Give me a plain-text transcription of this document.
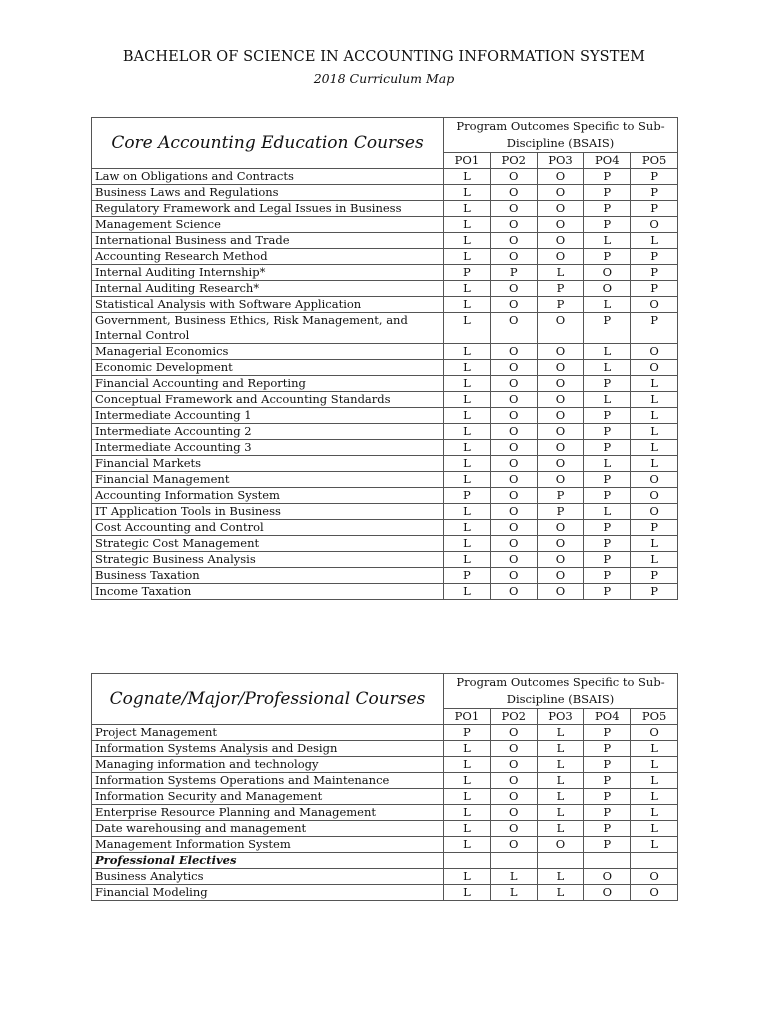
BACHELOR OF SCIENCE IN ACCOUNTING INFORMATION SYSTEM
2018 Curriculum Map
Core Accounting Education Courses	Program Outcomes Specific to Sub-Discipline (BSAIS)				
	PO1	PO2	PO3	PO4	PO5
Law on Obligations and Contracts	L	O	O	P	P
Business Laws and Regulations	L	O	O	P	P
Regulatory Framework and Legal Issues in Business	L	O	O	P	P
Management Science	L	O	O	P	O
International Business and Trade	L	O	O	L	L
Accounting Research Method	L	O	O	P	P
Internal Auditing Internship*	P	P	L	O	P
Internal Auditing Research*	L	O	P	O	P
Statistical Analysis with Software Application	L	O	P	L	O
Government, Business Ethics, Risk Management, and Internal Control	L	O	O	P	P
Managerial Economics	L	O	O	L	O
Economic Development	L	O	O	L	O
Financial Accounting and Reporting	L	O	O	P	L
Conceptual Framework and Accounting Standards	L	O	O	L	L
Intermediate Accounting 1	L	O	O	P	L
Intermediate Accounting 2	L	O	O	P	L
Intermediate Accounting 3	L	O	O	P	L
Financial Markets	L	O	O	L	L
Financial Management	L	O	O	P	O
Accounting Information System	P	O	P	P	O
IT Application Tools in Business	L	O	P	L	O
Cost Accounting and Control	L	O	O	P	P
Strategic Cost Management	L	O	O	P	L
Strategic Business Analysis	L	O	O	P	L
Business Taxation	P	O	O	P	P
Income Taxation	L	O	O	P	P
Cognate/Major/Professional Courses	Program Outcomes Specific to Sub-Discipline (BSAIS)				
	PO1	PO2	PO3	PO4	PO5
Project Management	P	O	L	P	O
Information Systems Analysis and Design	L	O	L	P	L
Managing information and technology	L	O	L	P	L
Information Systems Operations and Maintenance	L	O	L	P	L
Information Security and Management	L	O	L	P	L
Enterprise Resource Planning and Management	L	O	L	P	L
Date warehousing and management	L	O	L	P	L
Management Information System	L	O	O	P	L
Professional Electives					
Business Analytics	L	L	L	O	O
Financial Modeling	L	L	L	O	O
